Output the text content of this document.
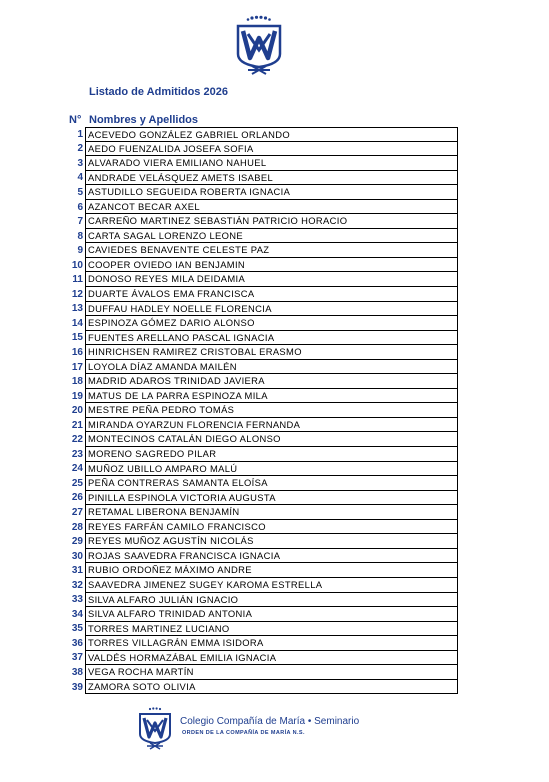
Listado de Admitidos 2026
N° Nombres y Apellidos
1 ACEVEDO GONZÁLEZ GABRIEL ORLANDO
2 AEDO FUENZALIDA JOSEFA SOFIA
3 ALVARADO VIERA EMILIANO NAHUEL
4 ANDRADE VELÁSQUEZ AMETS ISABEL
5 ASTUDILLO SEGUEIDA ROBERTA IGNACIA
6 AZANCOT BECAR AXEL
7 CARREÑO MARTINEZ SEBASTIÁN PATRICIO HORACIO
8 CARTA SAGAL LORENZO LEONE
9 CAVIEDES BENAVENTE CELESTE PAZ
10 COOPER OVIEDO IAN BENJAMIN
11 DONOSO REYES MILA DEIDAMIA
12 DUARTE ÁVALOS EMA FRANCISCA
13 DUFFAU HADLEY NOELLE FLORENCIA
14 ESPINOZA GÓMEZ DARIO ALONSO
15 FUENTES ARELLANO PASCAL IGNACIA
16 HINRICHSEN RAMIREZ CRISTOBAL ERASMO
17 LOYOLA DÍAZ AMANDA MAILÉN
18 MADRID ADAROS TRINIDAD JAVIERA
19 MATUS DE LA PARRA ESPINOZA MILA
20 MESTRE PEÑA PEDRO TOMÁS
21 MIRANDA OYARZUN FLORENCIA FERNANDA
22 MONTECINOS CATALÁN DIEGO ALONSO
23 MORENO SAGREDO PILAR
24 MUÑOZ UBILLO AMPARO MALÚ
25 PEÑA CONTRERAS SAMANTA ELOÍSA
26 PINILLA ESPINOLA VICTORIA AUGUSTA
27 RETAMAL LIBERONA BENJAMÍN
28 REYES FARFÁN CAMILO FRANCISCO
29 REYES MUÑOZ AGUSTÍN NICOLÁS
30 ROJAS SAAVEDRA FRANCISCA IGNACIA
31 RUBIO ORDOÑEZ MÁXIMO ANDRE
32 SAAVEDRA JIMENEZ SUGEY KAROMA ESTRELLA
33 SILVA ALFARO JULIÁN IGNACIO
34 SILVA ALFARO TRINIDAD ANTONIA
35 TORRES MARTINEZ LUCIANO
36 TORRES VILLAGRÁN EMMA ISIDORA
37 VALDÉS HORMAZÁBAL EMILIA IGNACIA
38 VEGA ROCHA MARTÍN
39 ZAMORA SOTO OLIVIA
Colegio Compañía de María • Seminario
ORDEN DE LA COMPAÑÍA DE MARÍA N.S.
